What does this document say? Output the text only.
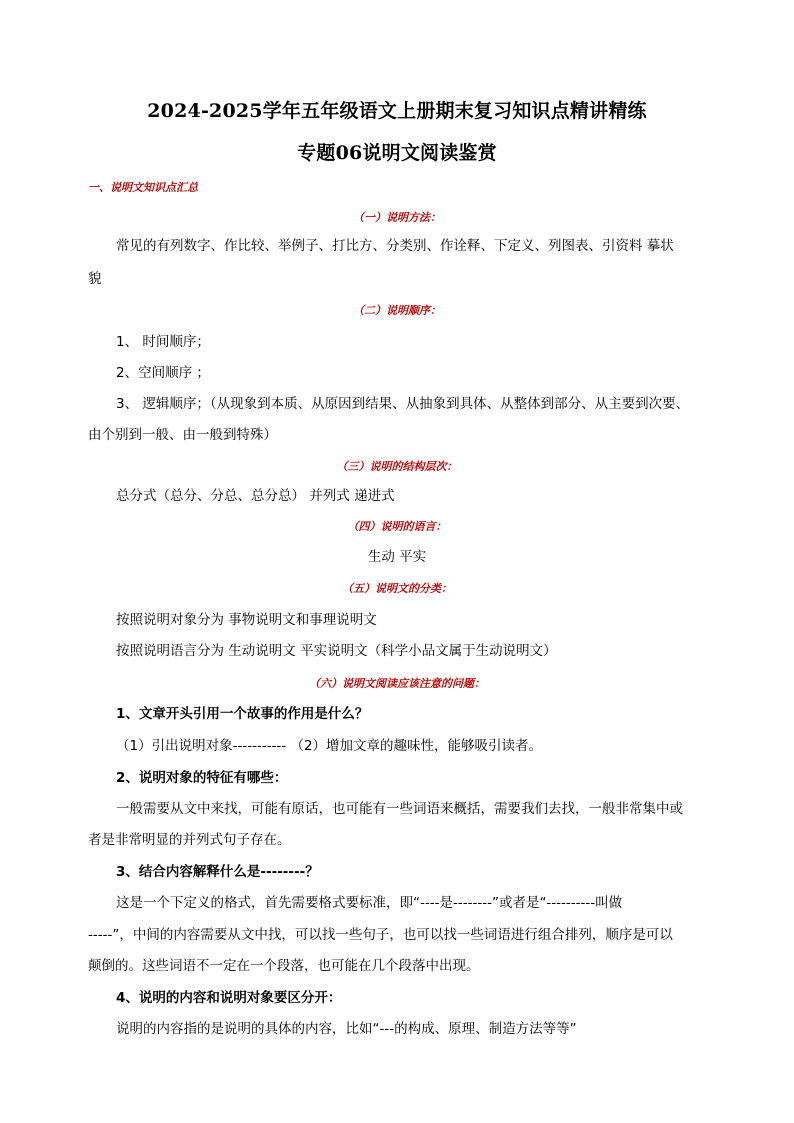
2024-2025学年五年级语文上册期末复习知识点精讲精练
专题06说明文阅读鉴赏
一、说明文知识点汇总
（一）说明方法：
常见的有列数字、作比较、举例子、打比方、分类别、作诠释、下定义、列图表、引资料 摹状
貌
（二）说明顺序：
1、 时间顺序；
2、空间顺序 ；
3、 逻辑顺序；（从现象到本质、从原因到结果、从抽象到具体、从整体到部分、从主要到次要、
由个别到一般、由一般到特殊）
（三）说明的结构层次：
总分式（总分、分总、总分总） 并列式 递进式
（四）说明的语言：
生动 平实
（五）说明文的分类：
按照说明对象分为 事物说明文和事理说明文
按照说明语言分为 生动说明文 平实说明文（科学小品文属于生动说明文）
（六）说明文阅读应该注意的问题：
1、文章开头引用一个故事的作用是什么？
（1）引出说明对象----------- （2）增加文章的趣味性，能够吸引读者。
2、说明对象的特征有哪些：
一般需要从文中来找，可能有原话，也可能有一些词语来概括，需要我们去找，一般非常集中或
者是非常明显的并列式句子存在。
3、结合内容解释什么是--------？
这是一个下定义的格式，首先需要格式要标准，即“----是--------”或者是“----------叫做
-----”，中间的内容需要从文中找，可以找一些句子，也可以找一些词语进行组合排列，顺序是可以
颠倒的。这些词语不一定在一个段落，也可能在几个段落中出现。
4、说明的内容和说明对象要区分开：
说明的内容指的是说明的具体的内容，比如“---的构成、原理、制造方法等等”
